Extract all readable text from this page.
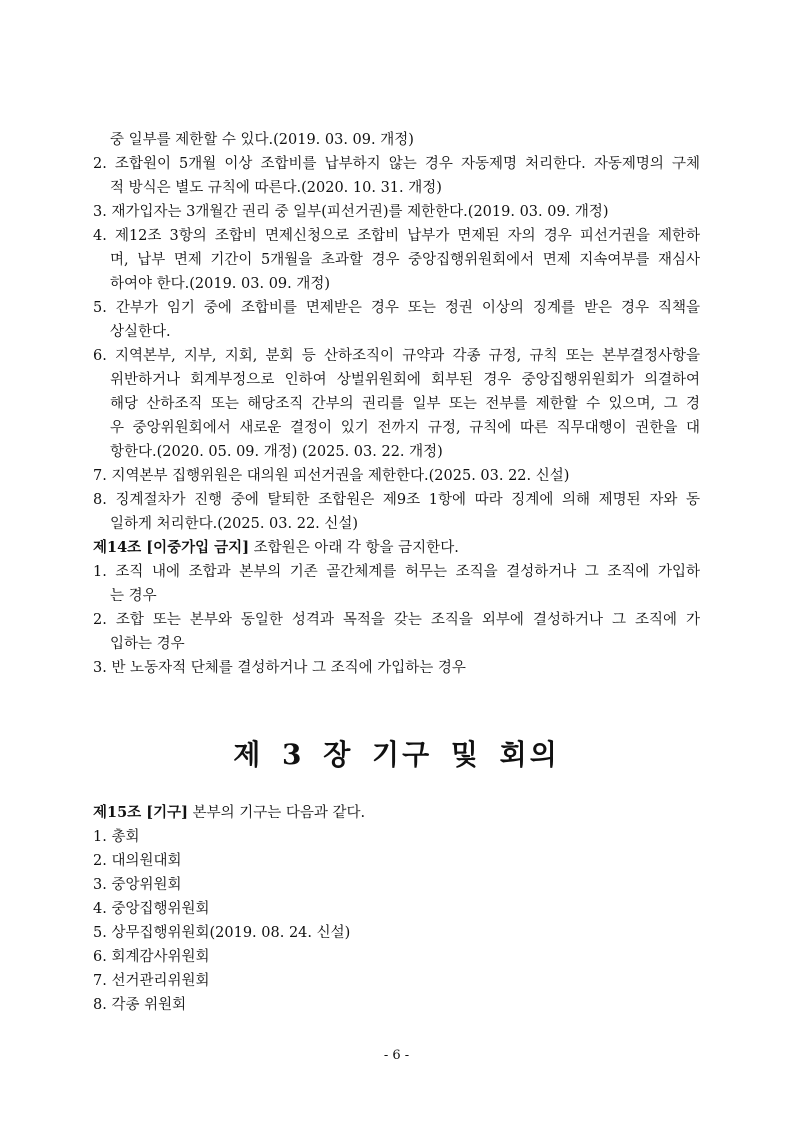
중 일부를 제한할 수 있다.(2019. 03. 09. 개정)
2. 조합원이 5개월 이상 조합비를 납부하지 않는 경우 자동제명 처리한다. 자동제명의 구체
적 방식은 별도 규칙에 따른다.(2020. 10. 31. 개정)
3. 재가입자는 3개월간 권리 중 일부(피선거권)를 제한한다.(2019. 03. 09. 개정)
4. 제12조 3항의 조합비 면제신청으로 조합비 납부가 면제된 자의 경우 피선거권을 제한하
며, 납부 면제 기간이 5개월을 초과할 경우 중앙집행위원회에서 면제 지속여부를 재심사
하여야 한다.(2019. 03. 09. 개정)
5. 간부가 임기 중에 조합비를 면제받은 경우 또는 정권 이상의 징계를 받은 경우 직책을
상실한다.
6. 지역본부, 지부, 지회, 분회 등 산하조직이 규약과 각종 규정, 규칙 또는 본부결정사항을
위반하거나 회계부정으로 인하여 상벌위원회에 회부된 경우 중앙집행위원회가 의결하여
해당 산하조직 또는 해당조직 간부의 권리를 일부 또는 전부를 제한할 수 있으며, 그 경
우 중앙위원회에서 새로운 결정이 있기 전까지 규정, 규칙에 따른 직무대행이 권한을 대
항한다.(2020. 05. 09. 개정) (2025. 03. 22. 개정)
7. 지역본부 집행위원은 대의원 피선거권을 제한한다.(2025. 03. 22. 신설)
8. 징계절차가 진행 중에 탈퇴한 조합원은 제9조 1항에 따라 징계에 의해 제명된 자와 동
일하게 처리한다.(2025. 03. 22. 신설)
제14조 [이중가입 금지] 조합원은 아래 각 항을 금지한다.
1. 조직 내에 조합과 본부의 기존 골간체계를 허무는 조직을 결성하거나 그 조직에 가입하
는 경우
2. 조합 또는 본부와 동일한 성격과 목적을 갖는 조직을 외부에 결성하거나 그 조직에 가
입하는 경우
3. 반 노동자적 단체를 결성하거나 그 조직에 가입하는 경우
제 3 장 기구 및 회의
제15조 [기구] 본부의 기구는 다음과 같다.
1. 총회
2. 대의원대회
3. 중앙위원회
4. 중앙집행위원회
5. 상무집행위원회(2019. 08. 24. 신설)
6. 회계감사위원회
7. 선거관리위원회
8. 각종 위원회
- 6 -
